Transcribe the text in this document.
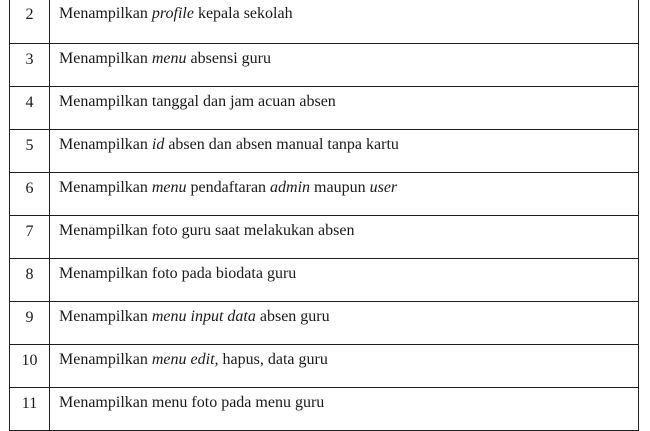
2	Menampilkan profile kepala sekolah
3	Menampilkan menu absensi guru
4	Menampilkan tanggal dan jam acuan absen
5	Menampilkan id absen dan absen manual tanpa kartu
6	Menampilkan menu pendaftaran admin maupun user
7	Menampilkan foto guru saat melakukan absen
8	Menampilkan foto pada biodata guru
9	Menampilkan menu input data absen guru
10	Menampilkan menu edit, hapus, data guru
11	Menampilkan menu foto pada menu guru
